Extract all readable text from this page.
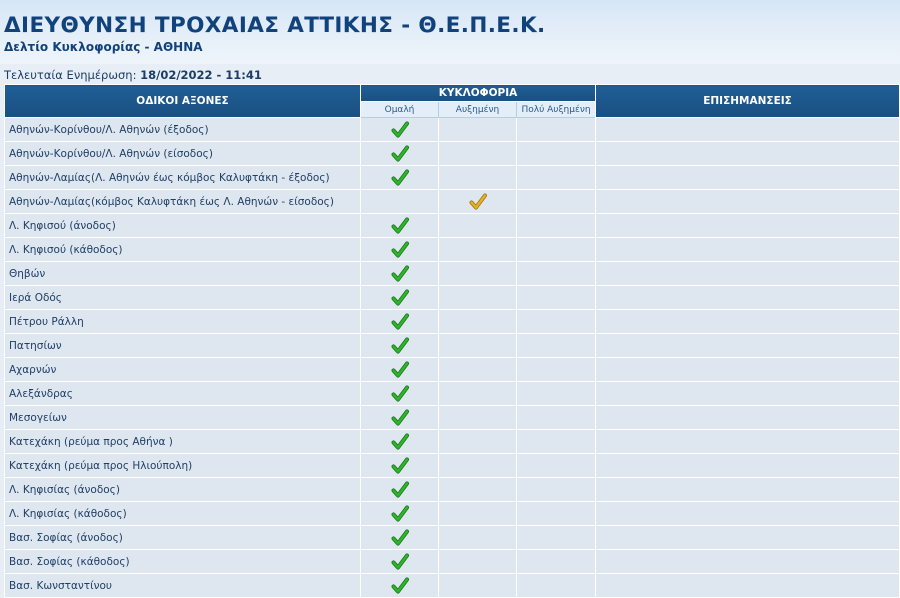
ΔΙΕΥΘΥΝΣΗ ΤΡΟΧΑΙΑΣ ΑΤΤΙΚΗΣ - Θ.Ε.Π.Ε.Κ.
Δελτίο Κυκλοφορίας - ΑΘΗΝΑ
Τελευταία Ενημέρωση: 18/02/2022 - 11:41
ΟΔΙΚΟΙ ΑΞΟΝΕΣ	ΚΥΚΛΟΦΟΡΙΑ			ΕΠΙΣΗΜΑΝΣΕΙΣ
	Ομαλή	Αυξημένη	Πολύ Αυξημένη	
Αθηνών-Κορίνθου/Λ. Αθηνών (έξοδος)				
Αθηνών-Κορίνθου/Λ. Αθηνών (είσοδος)				
Αθηνών-Λαμίας(Λ. Αθηνών έως κόμβος Καλυφτάκη - έξοδος)				
Αθηνών-Λαμίας(κόμβος Καλυφτάκη έως Λ. Αθηνών - είσοδος)				
Λ. Κηφισού (άνοδος)				
Λ. Κηφισού (κάθοδος)				
Θηβών				
Ιερά Οδός				
Πέτρου Ράλλη				
Πατησίων				
Αχαρνών				
Αλεξάνδρας				
Μεσογείων				
Κατεχάκη (ρεύμα προς Αθήνα )				
Κατεχάκη (ρεύμα προς Ηλιούπολη)				
Λ. Κηφισίας (άνοδος)				
Λ. Κηφισίας (κάθοδος)				
Βασ. Σοφίας (άνοδος)				
Βασ. Σοφίας (κάθοδος)				
Βασ. Κωνσταντίνου				
